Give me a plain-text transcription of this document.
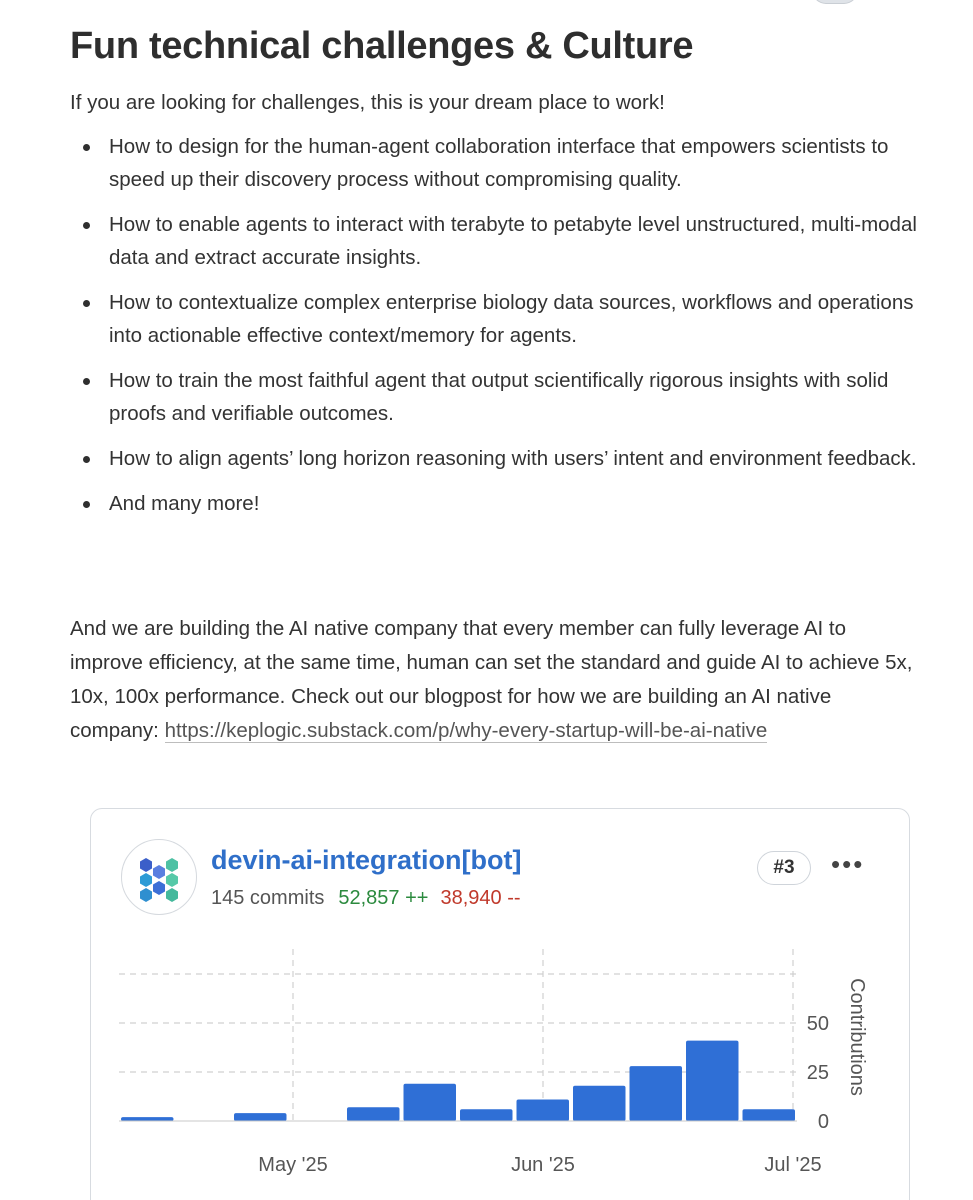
Fun technical challenges & Culture

If you are looking for challenges, this is your dream place to work!

How to design for the human-agent collaboration interface that empowers scientists to speed up their discovery process without compromising quality.
How to enable agents to interact with terabyte to petabyte level unstructured, multi-modal data and extract accurate insights.
How to contextualize complex enterprise biology data sources, workflows and operations into actionable effective context/memory for agents.
How to train the most faithful agent that output scientifically rigorous insights with solid proofs and verifiable outcomes.
How to align agents’ long horizon reasoning with users’ intent and environment feedback.
And many more!

And we are building the AI native company that every member can fully leverage AI to improve efficiency, at the same time, human can set the standard and guide AI to achieve 5x, 10x, 100x performance. Check out our blogpost for how we are building an AI native company: https://keplogic.substack.com/p/why-every-startup-will-be-ai-native

devin-ai-integration[bot]
145 commits 52,857 ++ 38,940 --
#3	•••
0
25
50
May '25	Jun '25	Jul '25
Contributions
